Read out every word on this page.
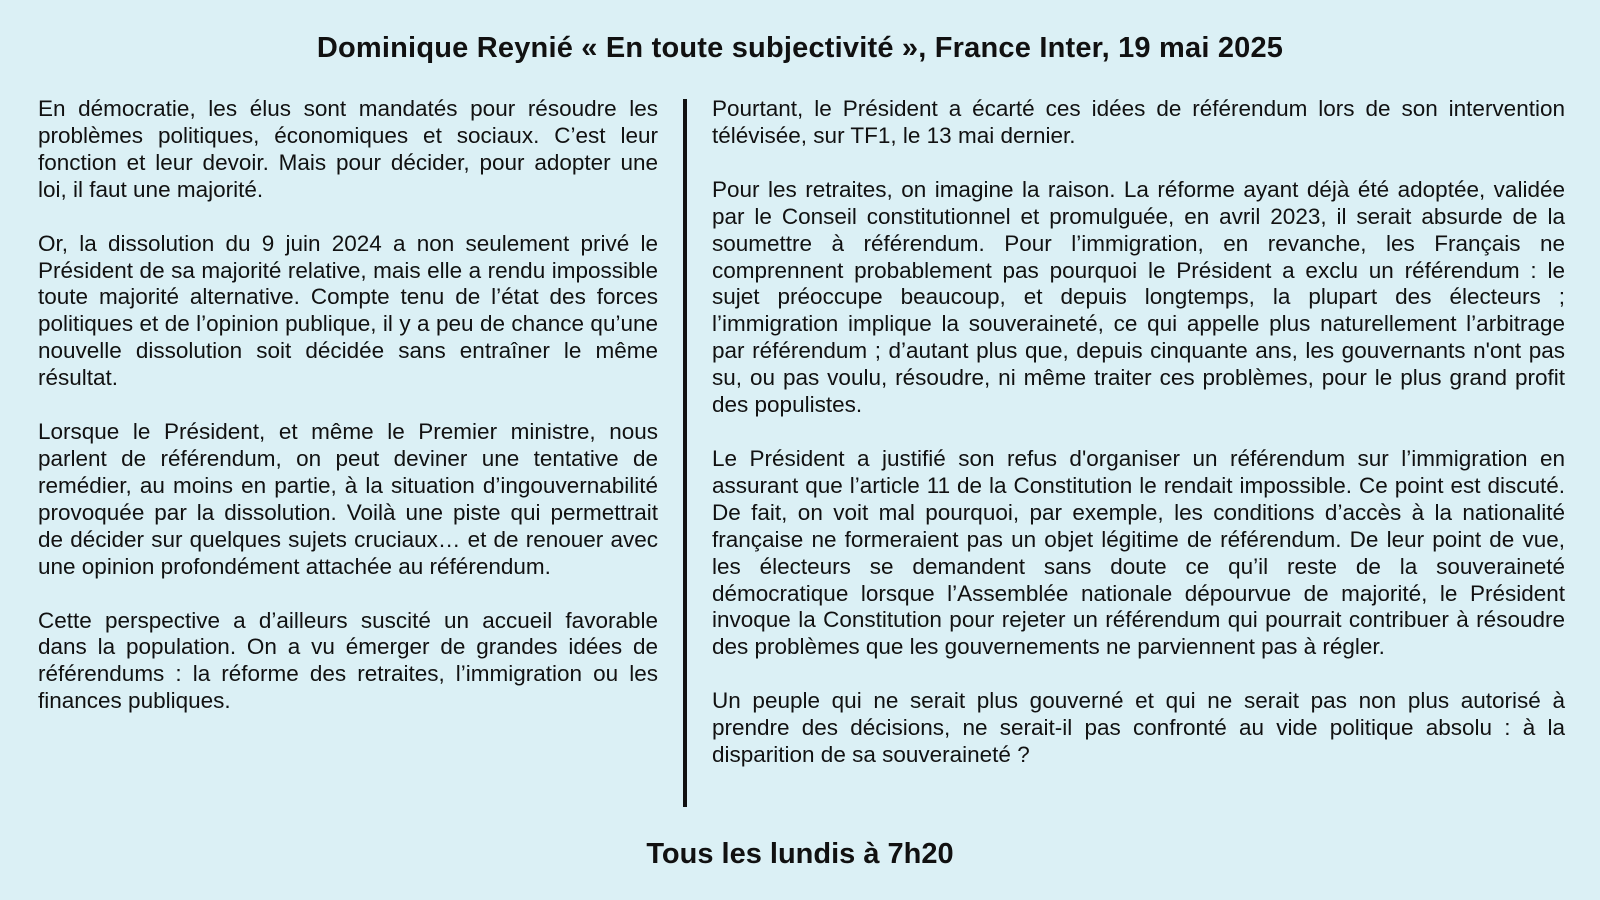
Dominique Reynié « En toute subjectivité », France Inter, 19 mai 2025

En démocratie, les élus sont mandatés pour résoudre les problèmes politiques, économiques et sociaux. C’est leur fonction et leur devoir. Mais pour décider, pour adopter une loi, il faut une majorité.

Or, la dissolution du 9 juin 2024 a non seulement privé le Président de sa majorité relative, mais elle a rendu impossible toute majorité alternative. Compte tenu de l’état des forces politiques et de l’opinion publique, il y a peu de chance qu’une nouvelle dissolution soit décidée sans entraîner le même résultat.

Lorsque le Président, et même le Premier ministre, nous parlent de référendum, on peut deviner une tentative de remédier, au moins en partie, à la situation d’ingouvernabilité provoquée par la dissolution. Voilà une piste qui permettrait de décider sur quelques sujets cruciaux… et de renouer avec une opinion profondément attachée au référendum.

Cette perspective a d’ailleurs suscité un accueil favorable dans la population. On a vu émerger de grandes idées de référendums : la réforme des retraites, l’immigration ou les finances publiques.

Pourtant, le Président a écarté ces idées de référendum lors de son intervention télévisée, sur TF1, le 13 mai dernier.

Pour les retraites, on imagine la raison. La réforme ayant déjà été adoptée, validée par le Conseil constitutionnel et promulguée, en avril 2023, il serait absurde de la soumettre à référendum. Pour l’immigration, en revanche, les Français ne comprennent probablement pas pourquoi le Président a exclu un référendum : le sujet préoccupe beaucoup, et depuis longtemps, la plupart des électeurs ; l’immigration implique la souveraineté, ce qui appelle plus naturellement l’arbitrage par référendum ; d’autant plus que, depuis cinquante ans, les gouvernants n'ont pas su, ou pas voulu, résoudre, ni même traiter ces problèmes, pour le plus grand profit des populistes.

Le Président a justifié son refus d'organiser un référendum sur l’immigration en assurant que l’article 11 de la Constitution le rendait impossible. Ce point est discuté. De fait, on voit mal pourquoi, par exemple, les conditions d’accès à la nationalité française ne formeraient pas un objet légitime de référendum. De leur point de vue, les électeurs se demandent sans doute ce qu’il reste de la souveraineté démocratique lorsque l’Assemblée nationale dépourvue de majorité, le Président invoque la Constitution pour rejeter un référendum qui pourrait contribuer à résoudre des problèmes que les gouvernements ne parviennent pas à régler.

Un peuple qui ne serait plus gouverné et qui ne serait pas non plus autorisé à prendre des décisions, ne serait-il pas confronté au vide politique absolu : à la disparition de sa souveraineté ?

Tous les lundis à 7h20
